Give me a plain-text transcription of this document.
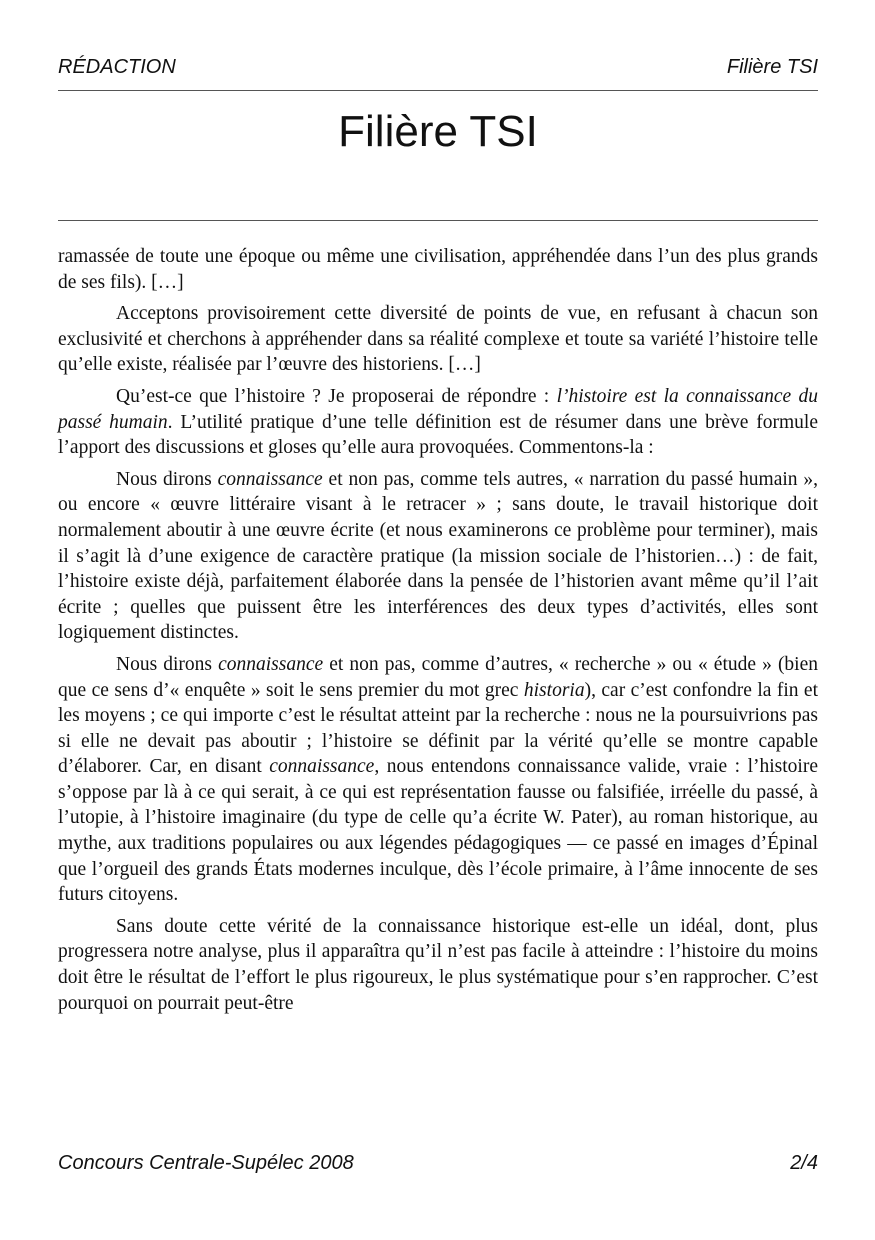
RÉDACTION	Filière TSI
Filière TSI

ramassée de toute une époque ou même une civilisation, appréhendée dans l’un des plus grands de ses fils). […]

Acceptons provisoirement cette diversité de points de vue, en refusant à chacun son exclusivité et cherchons à appréhender dans sa réalité complexe et toute sa variété l’histoire telle qu’elle existe, réalisée par l’œuvre des historiens. […]

Qu’est-ce que l’histoire ? Je proposerai de répondre : l’histoire est la connaissance du passé humain. L’utilité pratique d’une telle définition est de résumer dans une brève formule l’apport des discussions et gloses qu’elle aura provoquées. Commentons-la :

Nous dirons connaissance et non pas, comme tels autres, « narration du passé humain », ou encore « œuvre littéraire visant à le retracer » ; sans doute, le travail historique doit normalement aboutir à une œuvre écrite (et nous examinerons ce problème pour terminer), mais il s’agit là d’une exigence de caractère pratique (la mission sociale de l’historien…) : de fait, l’histoire existe déjà, parfaitement élaborée dans la pensée de l’historien avant même qu’il l’ait écrite ; quelles que puissent être les interférences des deux types d’activités, elles sont logiquement distinctes.

Nous dirons connaissance et non pas, comme d’autres, « recherche » ou « étude » (bien que ce sens d’« enquête » soit le sens premier du mot grec historia), car c’est confondre la fin et les moyens ; ce qui importe c’est le résultat atteint par la recherche : nous ne la poursuivrions pas si elle ne devait pas aboutir ; l’histoire se définit par la vérité qu’elle se montre capable d’élaborer. Car, en disant connaissance, nous entendons connaissance valide, vraie : l’histoire s’oppose par là à ce qui serait, à ce qui est représentation fausse ou falsifiée, irréelle du passé, à l’utopie, à l’histoire imaginaire (du type de celle qu’a écrite W. Pater), au roman historique, au mythe, aux traditions populaires ou aux légendes pédagogiques — ce passé en images d’Épinal que l’orgueil des grands États modernes inculque, dès l’école primaire, à l’âme innocente de ses futurs citoyens.

Sans doute cette vérité de la connaissance historique est-elle un idéal, dont, plus progressera notre analyse, plus il apparaîtra qu’il n’est pas facile à atteindre : l’histoire du moins doit être le résultat de l’effort le plus rigoureux, le plus systématique pour s’en rapprocher. C’est pourquoi on pourrait peut-être

Concours Centrale-Supélec 2008	2/4
